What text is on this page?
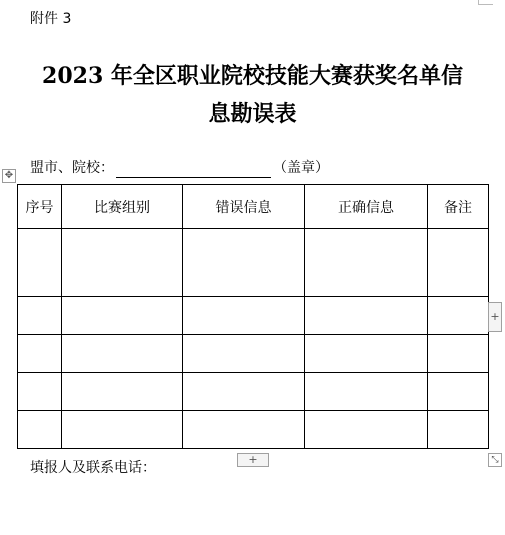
附件 3
2023 年全区职业院校技能大赛获奖名单信
息勘误表
盟市、院校：	（盖章）
✥
序号	比赛组别	错误信息	正确信息	备注

+
+	⤡
填报人及联系电话：
